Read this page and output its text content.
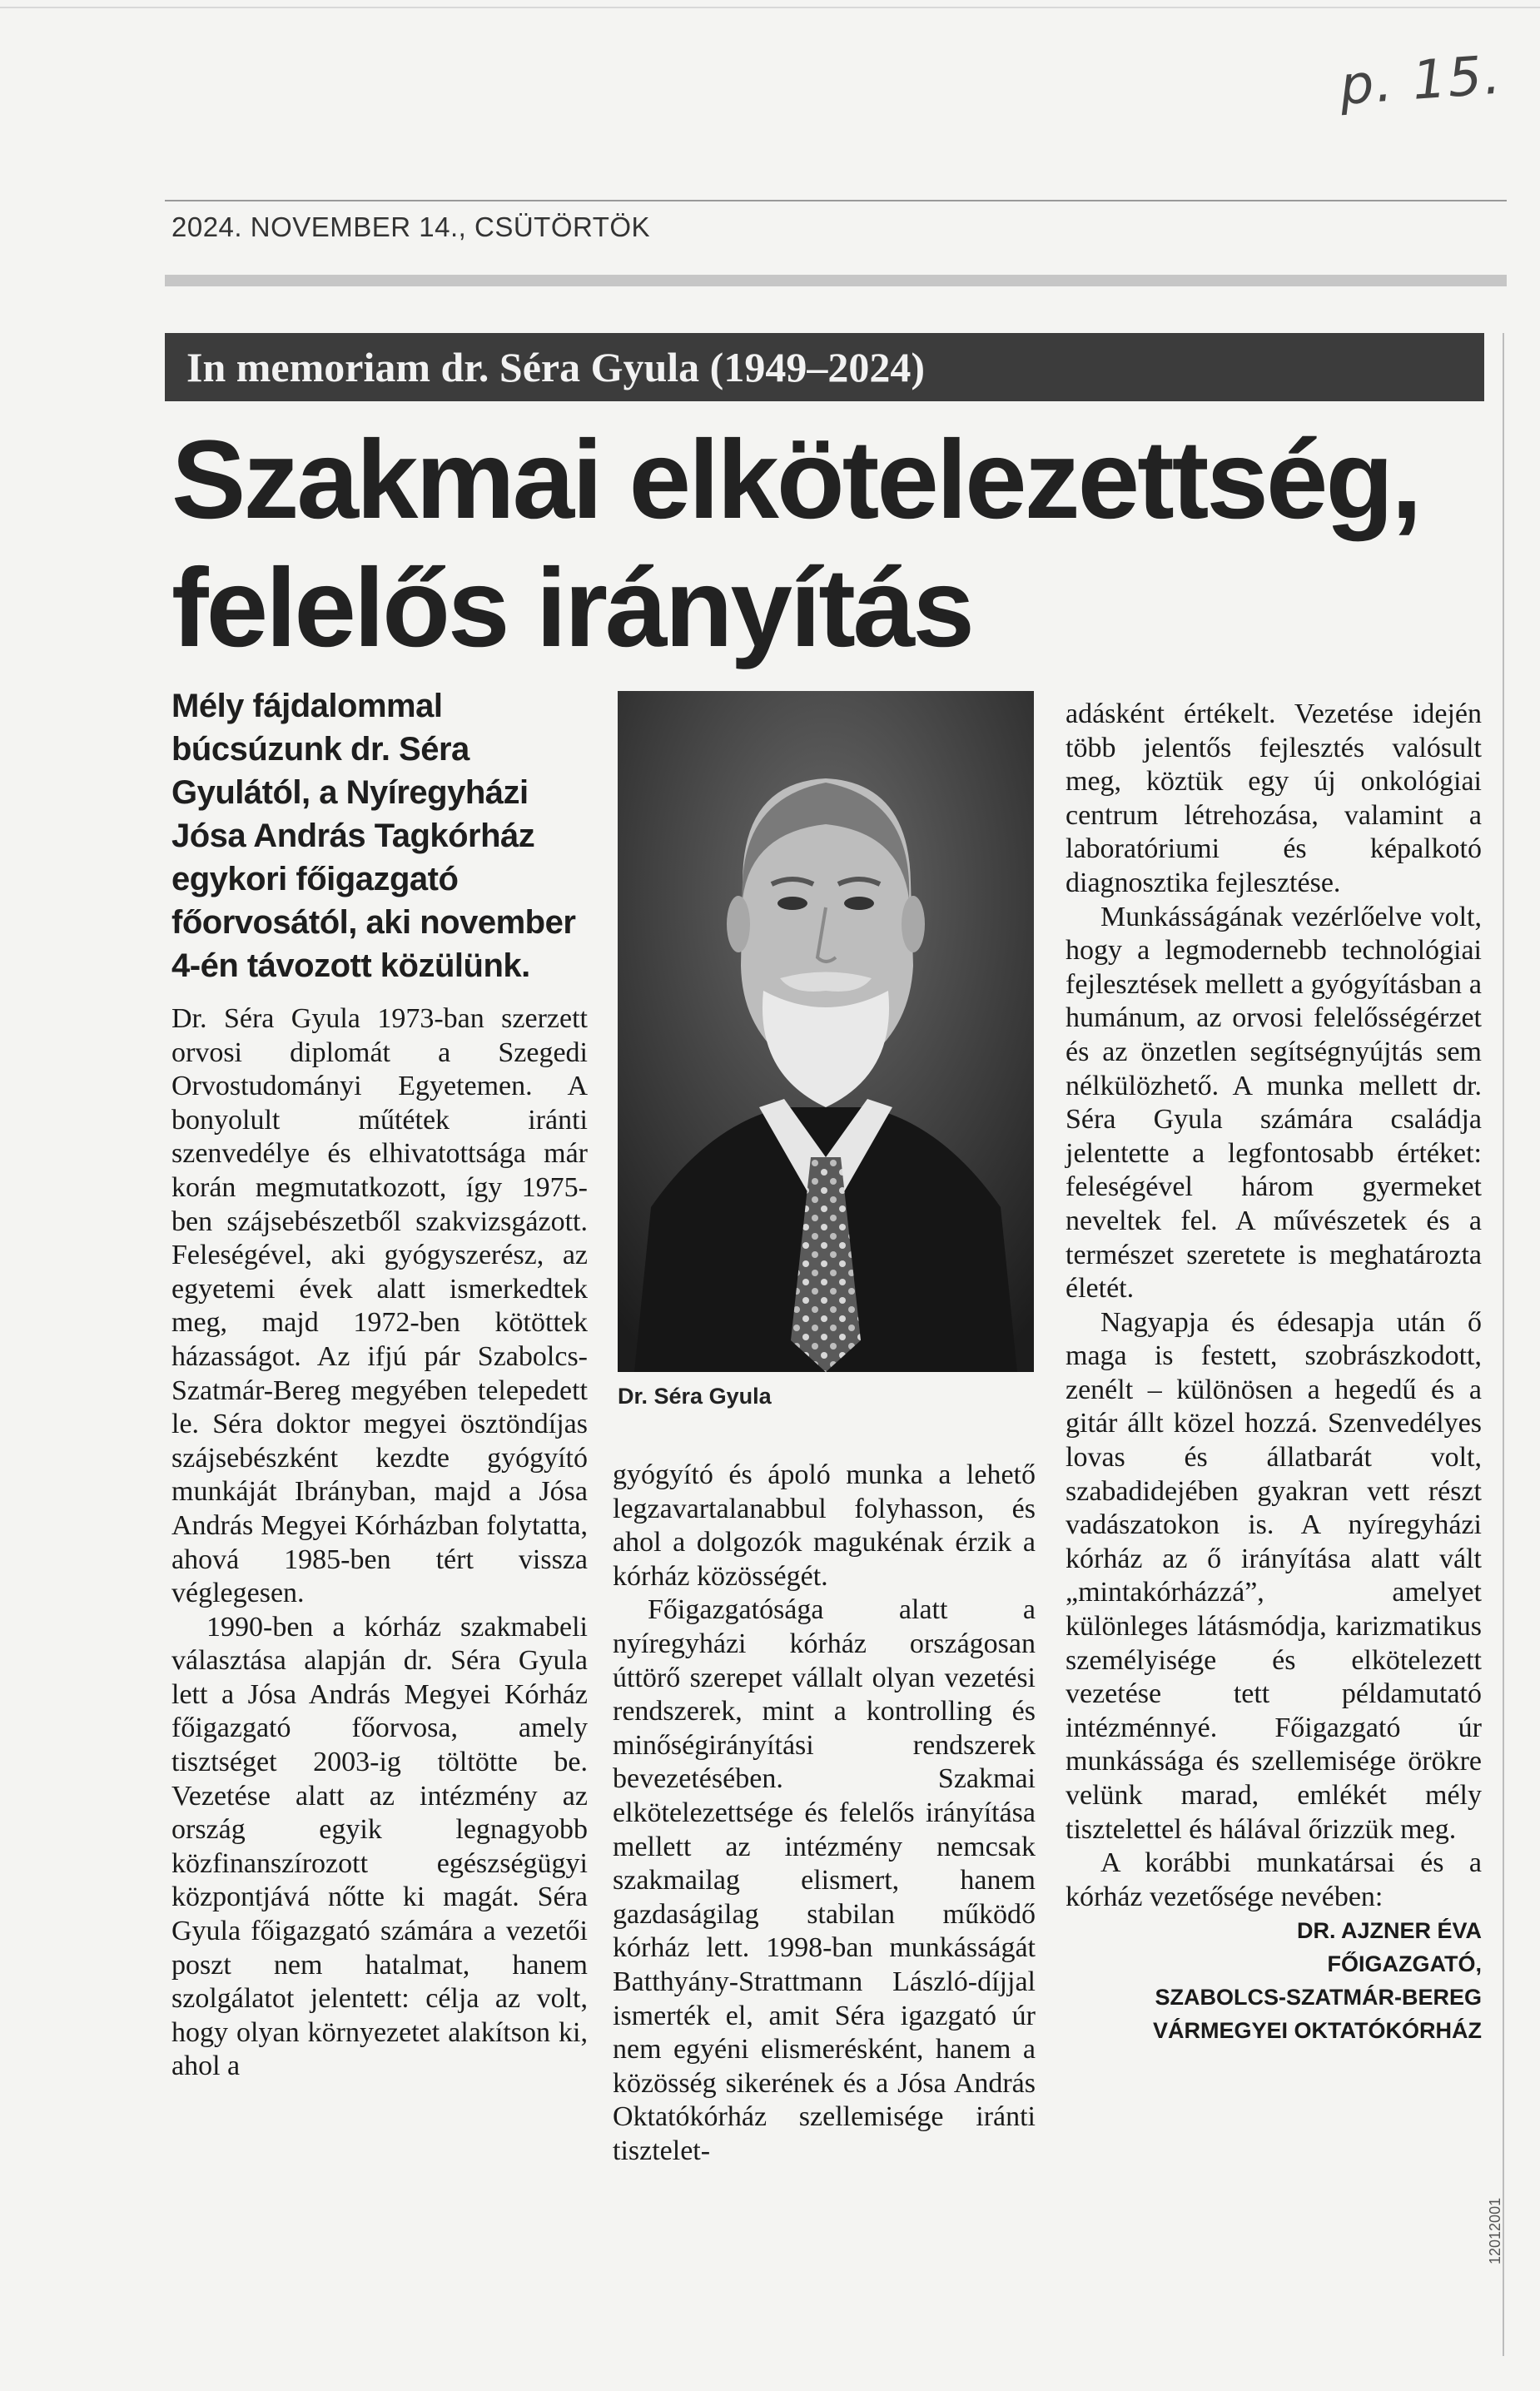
p. 15.
2024. NOVEMBER 14., CSÜTÖRTÖK
In memoriam dr. Séra Gyula (1949–2024)
Szakmai elkötelezettség,
felelős irányítás
Mély fájdalommal búcsúzunk dr. Séra Gyulától, a Nyíregyházi Jósa András Tagkórház egykori főigazgató főorvosától, aki november 4-én távozott közülünk.

Dr. Séra Gyula 1973-ban szerzett orvosi diplomát a Szegedi Orvostudományi Egyetemen. A bonyolult műtétek iránti szenvedélye és elhivatottsága már korán megmutatkozott, így 1975-ben szájsebészetből szakvizsgázott. Feleségével, aki gyógyszerész, az egyetemi évek alatt ismerkedtek meg, majd 1972-ben kötöttek házasságot. Az ifjú pár Szabolcs-Szatmár-Bereg megyében telepedett le. Séra doktor megyei ösztöndíjas szájsebészként kezdte gyógyító munkáját Ibrányban, majd a Jósa András Megyei Kórházban folytatta, ahová 1985-ben tért vissza véglegesen.

1990-ben a kórház szakmabeli választása alapján dr. Séra Gyula lett a Jósa András Megyei Kórház főigazgató főorvosa, amely tisztséget 2003-ig töltötte be. Vezetése alatt az intézmény az ország egyik legnagyobb közfinanszírozott egészségügyi központjává nőtte ki magát. Séra Gyula főigazgató számára a vezetői poszt nem hatalmat, hanem szolgálatot jelentett: célja az volt, hogy olyan környezetet alakítson ki, ahol a

Dr. Séra Gyula

gyógyító és ápoló munka a lehető legzavartalanabbul folyhasson, és ahol a dolgozók magukénak érzik a kórház közösségét.

Főigazgatósága alatt a nyíregyházi kórház országosan úttörő szerepet vállalt olyan vezetési rendszerek, mint a kontrolling és minőségirányítási rendszerek bevezetésében. Szakmai elkötelezettsége és felelős irányítása mellett az intézmény nemcsak szakmailag elismert, hanem gazdaságilag stabilan működő kórház lett. 1998-ban munkásságát Batthyány-Strattmann László-díjjal ismerték el, amit Séra igazgató úr nem egyéni elismerésként, hanem a közösség sikerének és a Jósa András Oktatókórház szellemisége iránti tisztelet-

adásként értékelt. Vezetése idején több jelentős fejlesztés valósult meg, köztük egy új onkológiai centrum létrehozása, valamint a laboratóriumi és képalkotó diagnosztika fejlesztése.

Munkásságának vezérlőelve volt, hogy a legmodernebb technológiai fejlesztések mellett a gyógyításban a humánum, az orvosi felelősségérzet és az önzetlen segítségnyújtás sem nélkülözhető. A munka mellett dr. Séra Gyula számára családja jelentette a legfontosabb értéket: feleségével három gyermeket neveltek fel. A művészetek és a természet szeretete is meghatározta életét.

Nagyapja és édesapja után ő maga is festett, szobrászkodott, zenélt – különösen a hegedű és a gitár állt közel hozzá. Szenvedélyes lovas és állatbarát volt, szabadidejében gyakran vett részt vadászatokon is. A nyíregyházi kórház az ő irányítása alatt vált „mintakórházzá”, amelyet különleges látásmódja, karizmatikus személyisége és elkötelezett vezetése tett példamutató intézménnyé. Főigazgató úr munkássága és szellemisége örökre velünk marad, emlékét mély tisztelettel és hálával őrizzük meg.

A korábbi munkatársai és a kórház vezetősége nevében:

DR. AJZNER ÉVA
FŐIGAZGATÓ,
SZABOLCS-SZATMÁR-BEREG
VÁRMEGYEI OKTATÓKÓRHÁZ
12012001
